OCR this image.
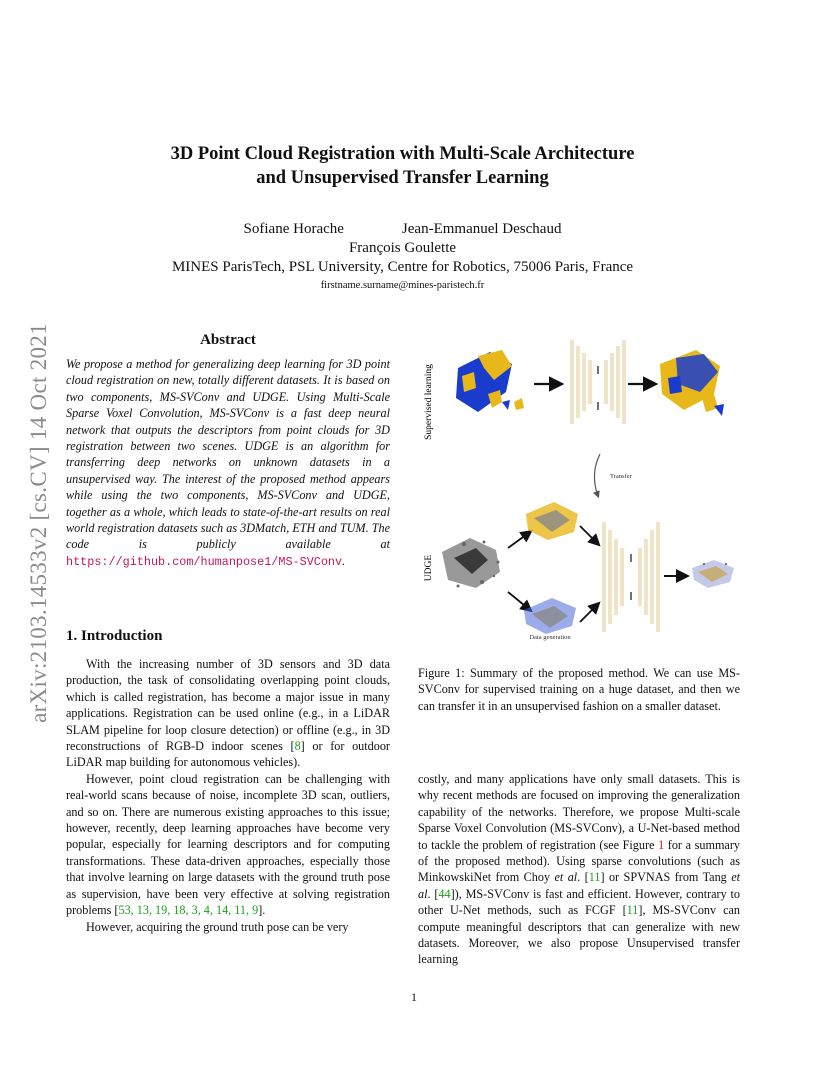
arXiv:2103.14533v2 [cs.CV] 14 Oct 2021
3D Point Cloud Registration with Multi-Scale Architecture
and Unsupervised Transfer Learning
Sofiane Horache	Jean-Emmanuel Deschaud
François Goulette
MINES ParisTech, PSL University, Centre for Robotics, 75006 Paris, France
firstname.surname@mines-paristech.fr
Abstract
We propose a method for generalizing deep learning for 3D point cloud registration on new, totally different datasets. It is based on two components, MS-SVConv and UDGE. Using Multi-Scale Sparse Voxel Convolution, MS-SVConv is a fast deep neural network that outputs the descriptors from point clouds for 3D registration between two scenes. UDGE is an algorithm for transferring deep networks on unknown datasets in a unsupervised way. The interest of the proposed method appears while using the two components, MS-SVConv and UDGE, together as a whole, which leads to state-of-the-art results on real world registration datasets such as 3DMatch, ETH and TUM. The code is publicly available at https://github.com/humanpose1/MS-SVConv.
1. Introduction

With the increasing number of 3D sensors and 3D data production, the task of consolidating overlapping point clouds, which is called registration, has become a major issue in many applications. Registration can be used online (e.g., in a LiDAR SLAM pipeline for loop closure detection) or offline (e.g., in 3D reconstructions of RGB-D indoor scenes [8] or for outdoor LiDAR map building for autonomous vehicles).

However, point cloud registration can be challenging with real-world scans because of noise, incomplete 3D scan, outliers, and so on. There are numerous existing approaches to this issue; however, recently, deep learning approaches have become very popular, especially for learning descriptors and for computing transformations. These data-driven approaches, especially those that involve learning on large datasets with the ground truth pose as supervision, have been very effective at solving registration problems [53, 13, 19, 18, 3, 4, 14, 11, 9].

However, acquiring the ground truth pose can be very

Supervised learning
UDGE
Transfer
Data generation
Figure 1: Summary of the proposed method. We can use MS-SVConv for supervised training on a huge dataset, and then we can transfer it in an unsupervised fashion on a smaller dataset.

costly, and many applications have only small datasets. This is why recent methods are focused on improving the generalization capability of the networks. Therefore, we propose Multi-scale Sparse Voxel Convolution (MS-SVConv), a U-Net-based method to tackle the problem of registration (see Figure 1 for a summary of the proposed method). Using sparse convolutions (such as MinkowskiNet from Choy et al. [11] or SPVNAS from Tang et al. [44]), MS-SVConv is fast and efficient. However, contrary to other U-Net methods, such as FCGF [11], MS-SVConv can compute meaningful descriptors that can generalize with new datasets. Moreover, we also propose Unsupervised transfer learning

1
